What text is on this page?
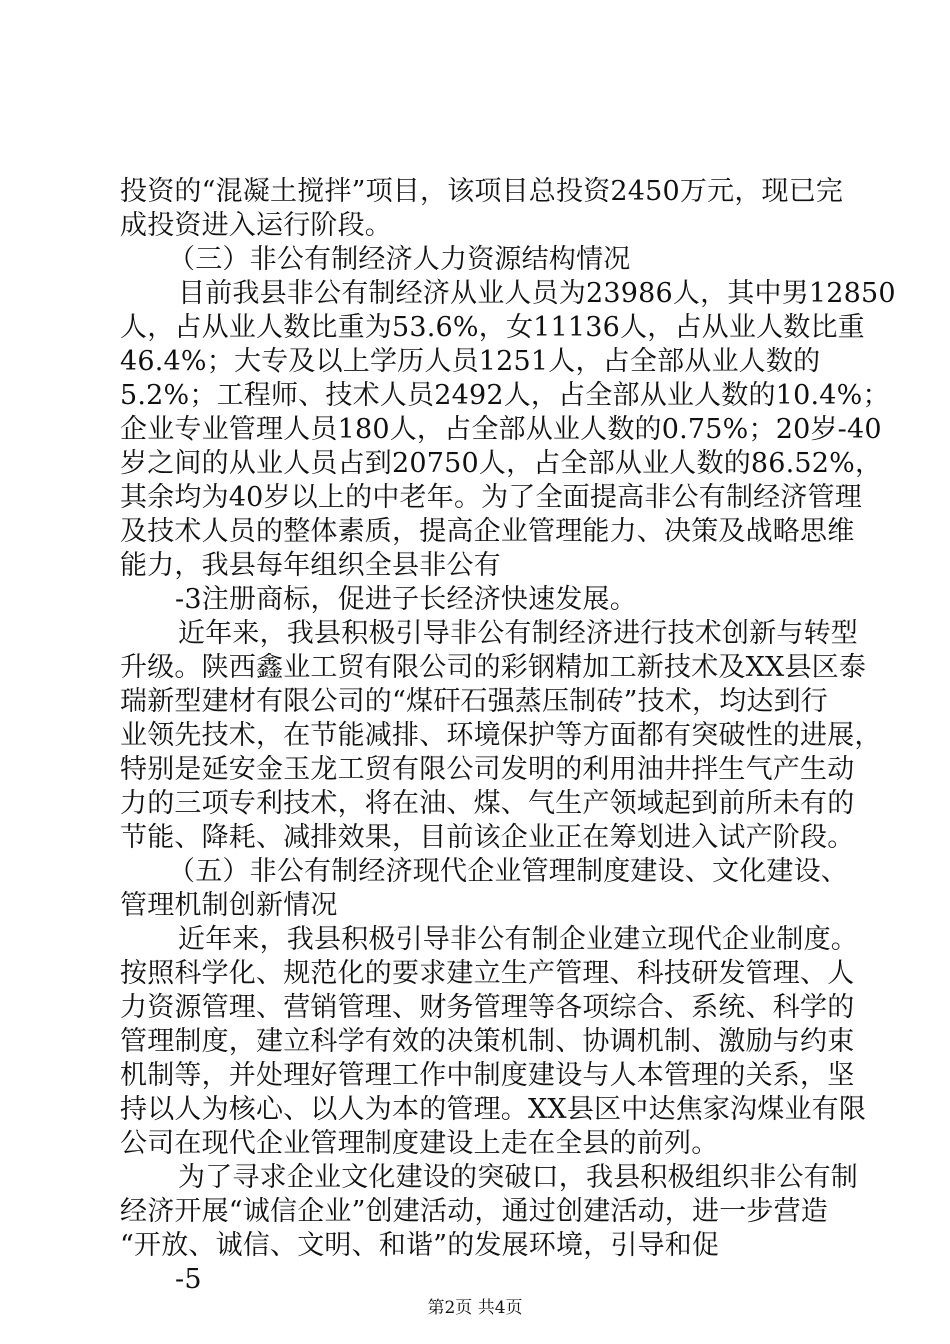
投资的“混凝土搅拌”项目，该项目总投资2450万元，现已完
成投资进入运行阶段。
（三）非公有制经济人力资源结构情况
目前我县非公有制经济从业人员为23986人，其中男12850
人，占从业人数比重为53.6%，女11136人，占从业人数比重
46.4%；大专及以上学历人员1251人，占全部从业人数的
5.2%；工程师、技术人员2492人，占全部从业人数的10.4%；
企业专业管理人员180人，占全部从业人数的0.75%；20岁-40
岁之间的从业人员占到20750人，占全部从业人数的86.52%，
其余均为40岁以上的中老年。为了全面提高非公有制经济管理
及技术人员的整体素质，提高企业管理能力、决策及战略思维
能力，我县每年组织全县非公有
-3注册商标，促进子长经济快速发展。
近年来，我县积极引导非公有制经济进行技术创新与转型
升级。陕西鑫业工贸有限公司的彩钢精加工新技术及XX县区泰
瑞新型建材有限公司的“煤矸石强蒸压制砖”技术，均达到行
业领先技术，在节能减排、环境保护等方面都有突破性的进展，
特别是延安金玉龙工贸有限公司发明的利用油井拌生气产生动
力的三项专利技术，将在油、煤、气生产领域起到前所未有的
节能、降耗、减排效果，目前该企业正在筹划进入试产阶段。
（五）非公有制经济现代企业管理制度建设、文化建设、
管理机制创新情况
近年来，我县积极引导非公有制企业建立现代企业制度。
按照科学化、规范化的要求建立生产管理、科技研发管理、人
力资源管理、营销管理、财务管理等各项综合、系统、科学的
管理制度，建立科学有效的决策机制、协调机制、激励与约束
机制等，并处理好管理工作中制度建设与人本管理的关系，坚
持以人为核心、以人为本的管理。XX县区中达焦家沟煤业有限
公司在现代企业管理制度建设上走在全县的前列。
为了寻求企业文化建设的突破口，我县积极组织非公有制
经济开展“诚信企业”创建活动，通过创建活动，进一步营造
“开放、诚信、文明、和谐”的发展环境，引导和促
-5
第2页 共4页
